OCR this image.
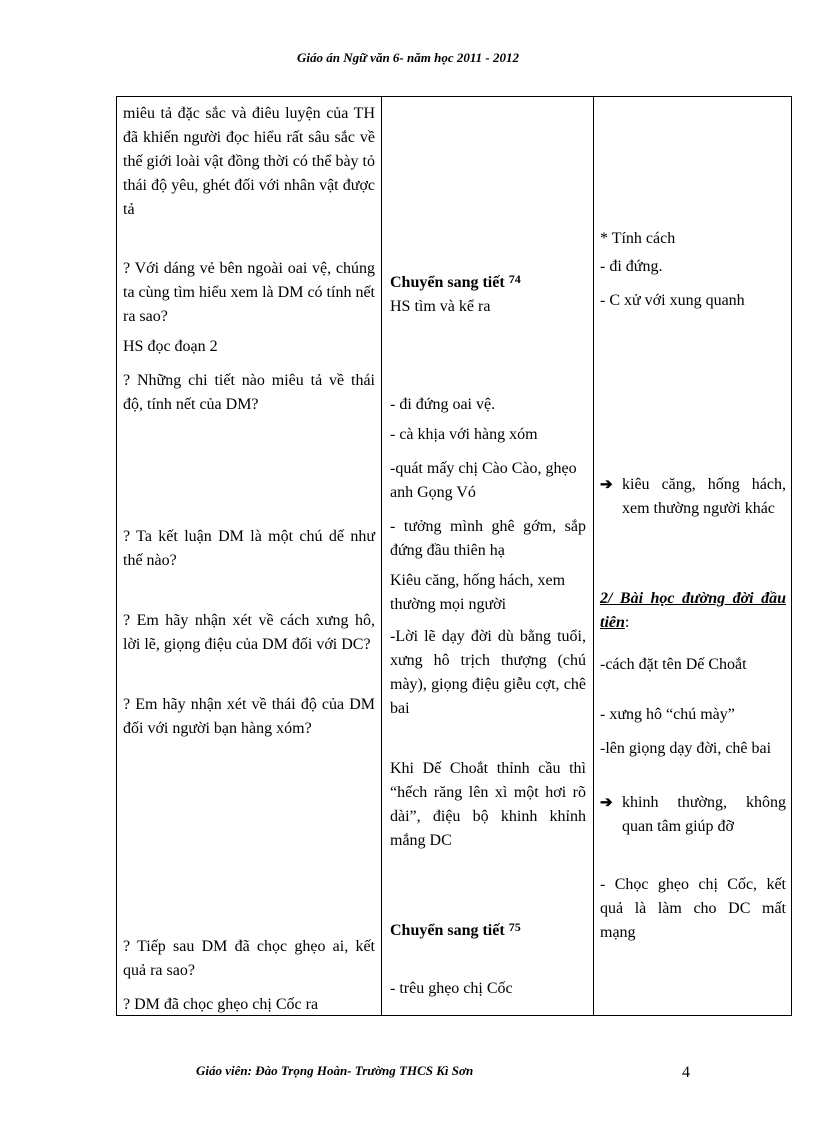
Giáo án Ngữ văn 6- năm học 2011 - 2012
miêu tả đặc sắc và điêu luyện của TH đã khiến người đọc hiểu rất sâu sắc về thế giới loài vật đồng thời có thể bày tỏ thái độ yêu, ghét đối với nhân vật được tả
? Với dáng vẻ bên ngoài oai vệ, chúng ta cùng tìm hiểu xem là DM có tính nết ra sao?
HS đọc đoạn 2
? Những chi tiết nào miêu tả về thái độ, tính nết của DM?
? Ta kết luận DM là một chú dế như thế nào?
? Em hãy nhận xét về cách xưng hô, lời lẽ, giọng điệu của DM đối với DC?
? Em hãy nhận xét về thái độ của DM đối với người bạn hàng xóm?
? Tiếp sau DM đã chọc ghẹo ai, kết quả ra sao?
? DM đã chọc ghẹo chị Cốc ra
Chuyển sang tiết $^{74}$
HS tìm và kể ra
- đi đứng oai vệ.
- cà khịa với hàng xóm
-quát mấy chị Cào Cào, ghẹo anh Gọng Vó
- tưởng mình ghê gớm, sắp đứng đầu thiên hạ
Kiêu căng, hống hách, xem thường mọi người
-Lời lẽ dạy đời dù bằng tuổi, xưng hô trịch thượng (chú mày), giọng điệu giễu cợt, chê bai
Khi Dế Choắt thỉnh cầu thì “hếch răng lên xì một hơi rõ dài”, điệu bộ khinh khỉnh mắng DC
Chuyển sang tiết $^{75}$
- trêu ghẹo chị Cốc
* Tính cách
- đi đứng.
- C xử với xung quanh
➔ kiêu căng, hống hách, xem thường người khác
2/ Bài học đường đời đầu tiên:
-cách đặt tên Dế Choắt
- xưng hô “chú mày”
-lên giọng dạy đời, chê bai
➔ khinh thường, không quan tâm giúp đỡ
- Chọc ghẹo chị Cốc, kết quả là làm cho DC mất mạng
Giáo viên: Đào Trọng Hoàn- Trường THCS Kì Sơn	4
